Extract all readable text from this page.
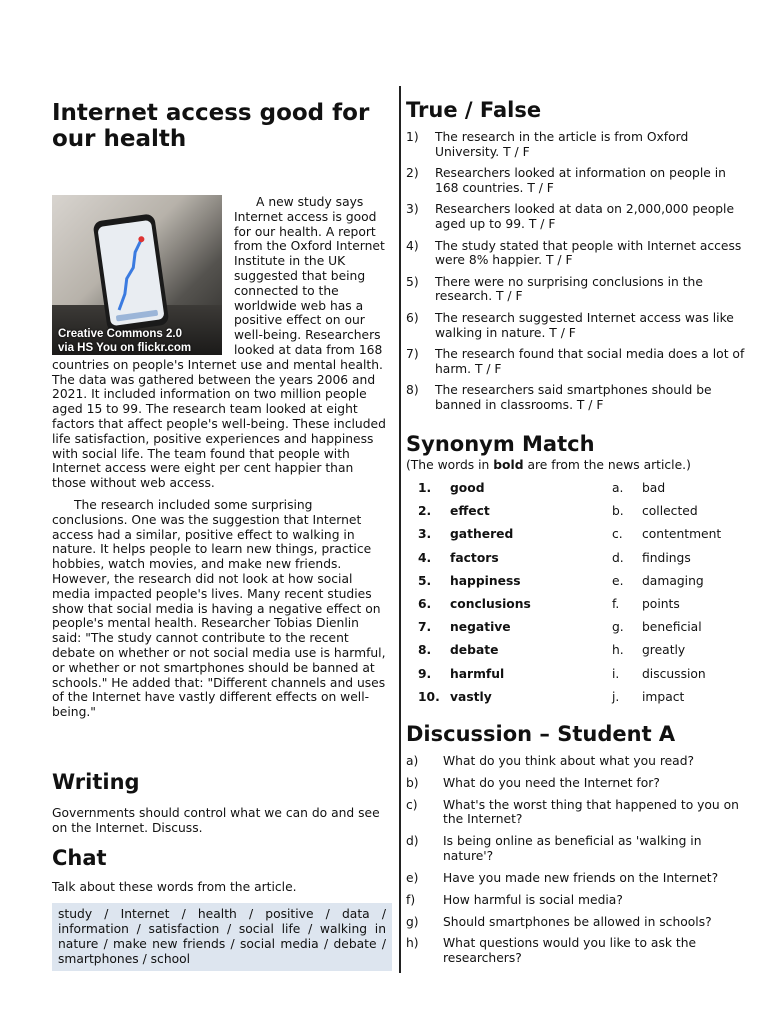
Internet access good for our health
Creative Commons 2.0
via HS You on flickr.com

A new study says Internet access is good for our health. A report from the Oxford Internet Institute in the UK suggested that being connected to the worldwide web has a positive effect on our well-being. Researchers looked at data from 168 countries on people's Internet use and mental health. The data was gathered between the years 2006 and 2021. It included information on two million people aged 15 to 99. The research team looked at eight factors that affect people's well-being. These included life satisfaction, positive experiences and happiness with social life. The team found that people with Internet access were eight per cent happier than those without web access.

The research included some surprising conclusions. One was the suggestion that Internet access had a similar, positive effect to walking in nature. It helps people to learn new things, practice hobbies, watch movies, and make new friends. However, the research did not look at how social media impacted people's lives. Many recent studies show that social media is having a negative effect on people's mental health. Researcher Tobias Dienlin said: "The study cannot contribute to the recent debate on whether or not social media use is harmful, or whether or not smartphones should be banned at schools." He added that: "Different channels and uses of the Internet have vastly different effects on well-being."

Writing

Governments should control what we can do and see on the Internet. Discuss.

Chat

Talk about these words from the article.

study / Internet / health / positive / data / information / satisfaction / social life / walking in nature / make new friends / social media / debate / smartphones / school
True / False
1) The research in the article is from Oxford University. T / F
2) Researchers looked at information on people in 168 countries. T / F
3) Researchers looked at data on 2,000,000 people aged up to 99. T / F
4) The study stated that people with Internet access were 8% happier. T / F
5) There were no surprising conclusions in the research. T / F
6) The research suggested Internet access was like walking in nature. T / F
7) The research found that social media does a lot of harm. T / F
8) The researchers said smartphones should be banned in classrooms. T / F
Synonym Match
(The words in bold are from the news article.)
1.	good	a. bad
2.	effect	b. collected
3.	gathered	c. contentment
4.	factors	d. findings
5.	happiness	e. damaging
6.	conclusions	f. points
7.	negative	g. beneficial
8.	debate	h. greatly
9.	harmful	i. discussion
10. vastly	j. impact
Discussion – Student A
a) What do you think about what you read?
b) What do you need the Internet for?
c) What's the worst thing that happened to you on the Internet?
d) Is being online as beneficial as 'walking in nature'?
e) Have you made new friends on the Internet?
f) How harmful is social media?
g) Should smartphones be allowed in schools?
h) What questions would you like to ask the researchers?
